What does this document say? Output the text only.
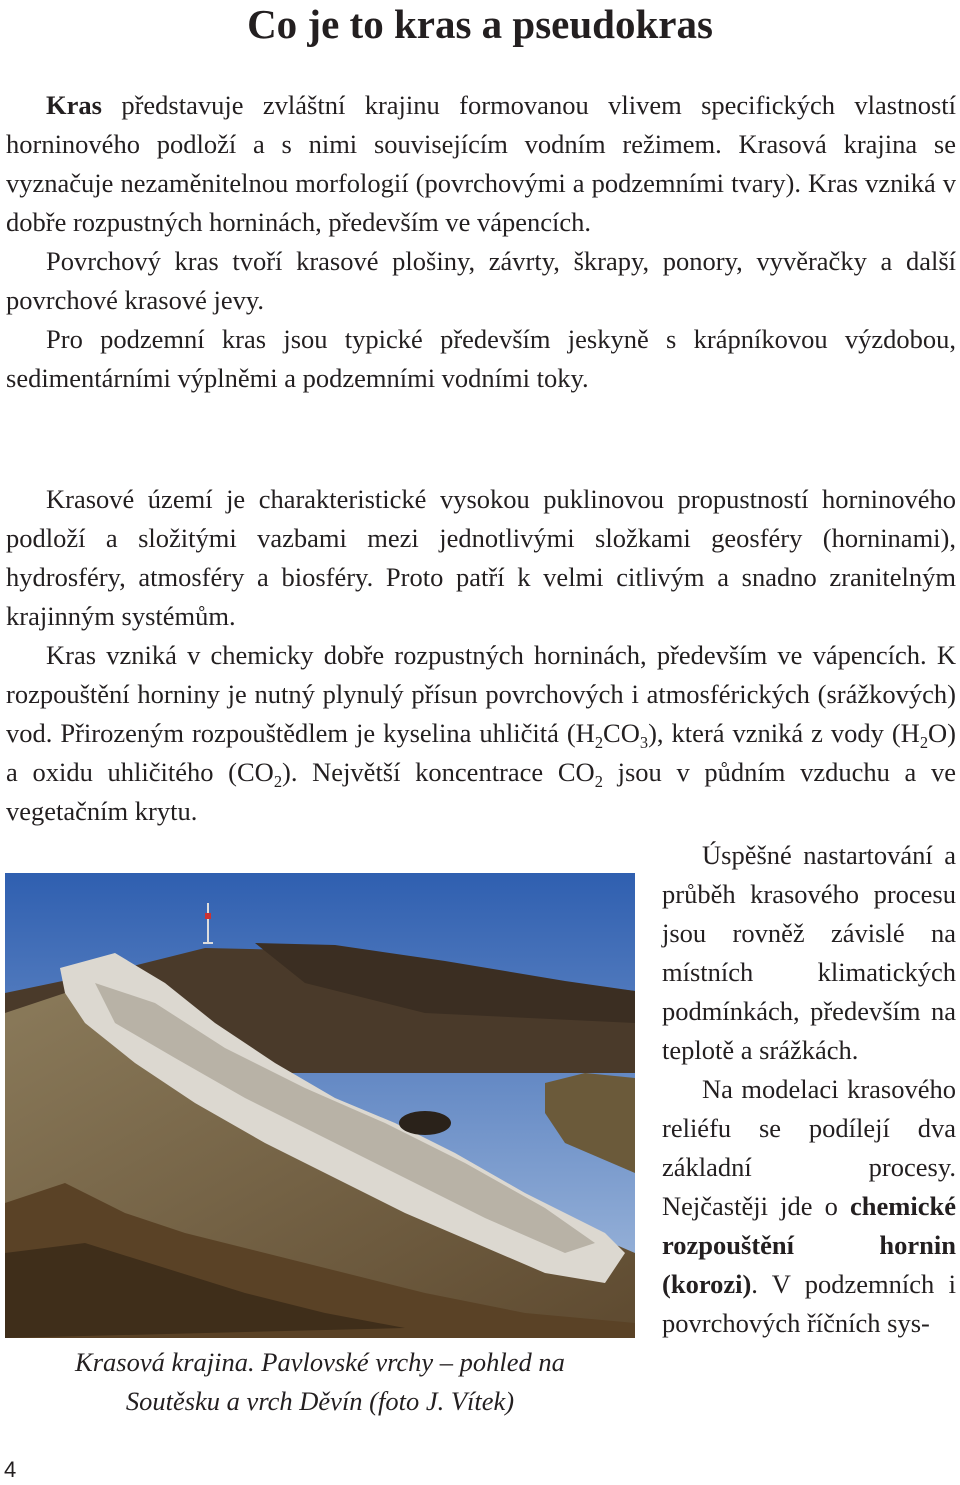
Co je to kras a pseudokras

Kras představuje zvláštní krajinu formovanou vlivem specifických vlastností horninového podloží a s nimi souvisejícím vodním režimem. Krasová krajina se vyznačuje nezaměnitelnou morfologií (povrchovými a podzemními tvary). Kras vzniká v dobře rozpustných horninách, především ve vápencích.

Povrchový kras tvoří krasové plošiny, závrty, škrapy, ponory, vyvěračky a další povrchové krasové jevy.

Pro podzemní kras jsou typické především jeskyně s krápníkovou výzdobou, sedimentárními výplněmi a podzemními vodními toky.

Krasové území je charakteristické vysokou puklinovou propustností horninového podloží a složitými vazbami mezi jednotlivými složkami geosféry (horninami), hydrosféry, atmosféry a biosféry. Proto patří k velmi citlivým a snadno zranitelným krajinným systémům.

Kras vzniká v chemicky dobře rozpustných horninách, především ve vápencích. K rozpouštění horniny je nutný plynulý přísun povrchových i atmosférických (srážkových) vod. Přirozeným rozpouštědlem je kyselina uhličitá $(H_2CO_3)$, která vzniká z vody $(H_2O)$ a oxidu uhličitého $(CO_2)$. Největší koncentrace $CO_2$ jsou v půdním vzduchu a ve vegetačním krytu.

Krasová krajina. Pavlovské vrchy – pohled na
Soutěsku a vrch Děvín (foto J. Vítek)

Úspěšné nastartování a průběh krasového procesu jsou rovněž závislé na místních klimatických podmínkách, především na teplotě a srážkách.

Na modelaci krasového reliéfu se podílejí dva základní procesy. Nejčastěji jde o chemické rozpouštění hornin (korozi). V podzemních i povrchových říčních sys-

4
